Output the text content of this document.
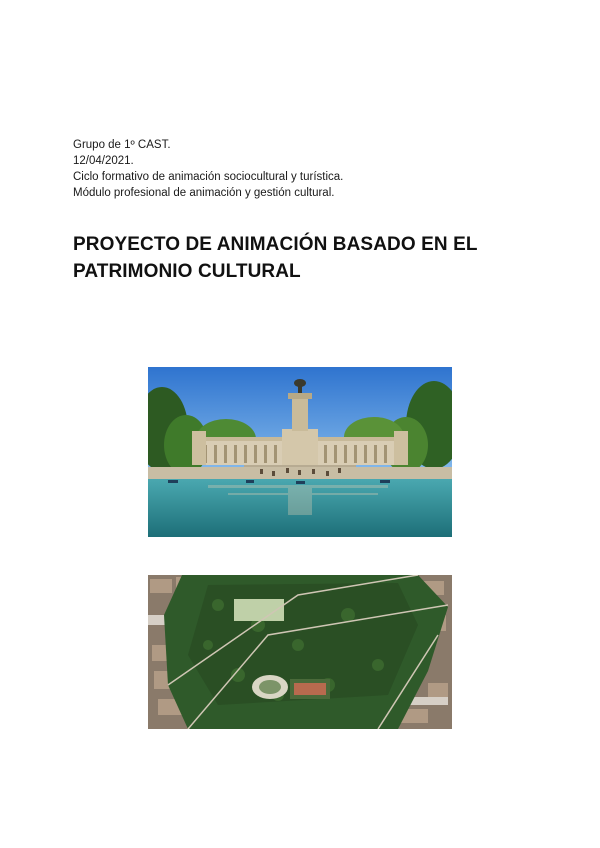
Grupo de 1º CAST.
12/04/2021.
Ciclo formativo de animación sociocultural y turística.
Módulo profesional de animación y gestión cultural.
PROYECTO DE ANIMACIÓN BASADO EN EL PATRIMONIO CULTURAL
